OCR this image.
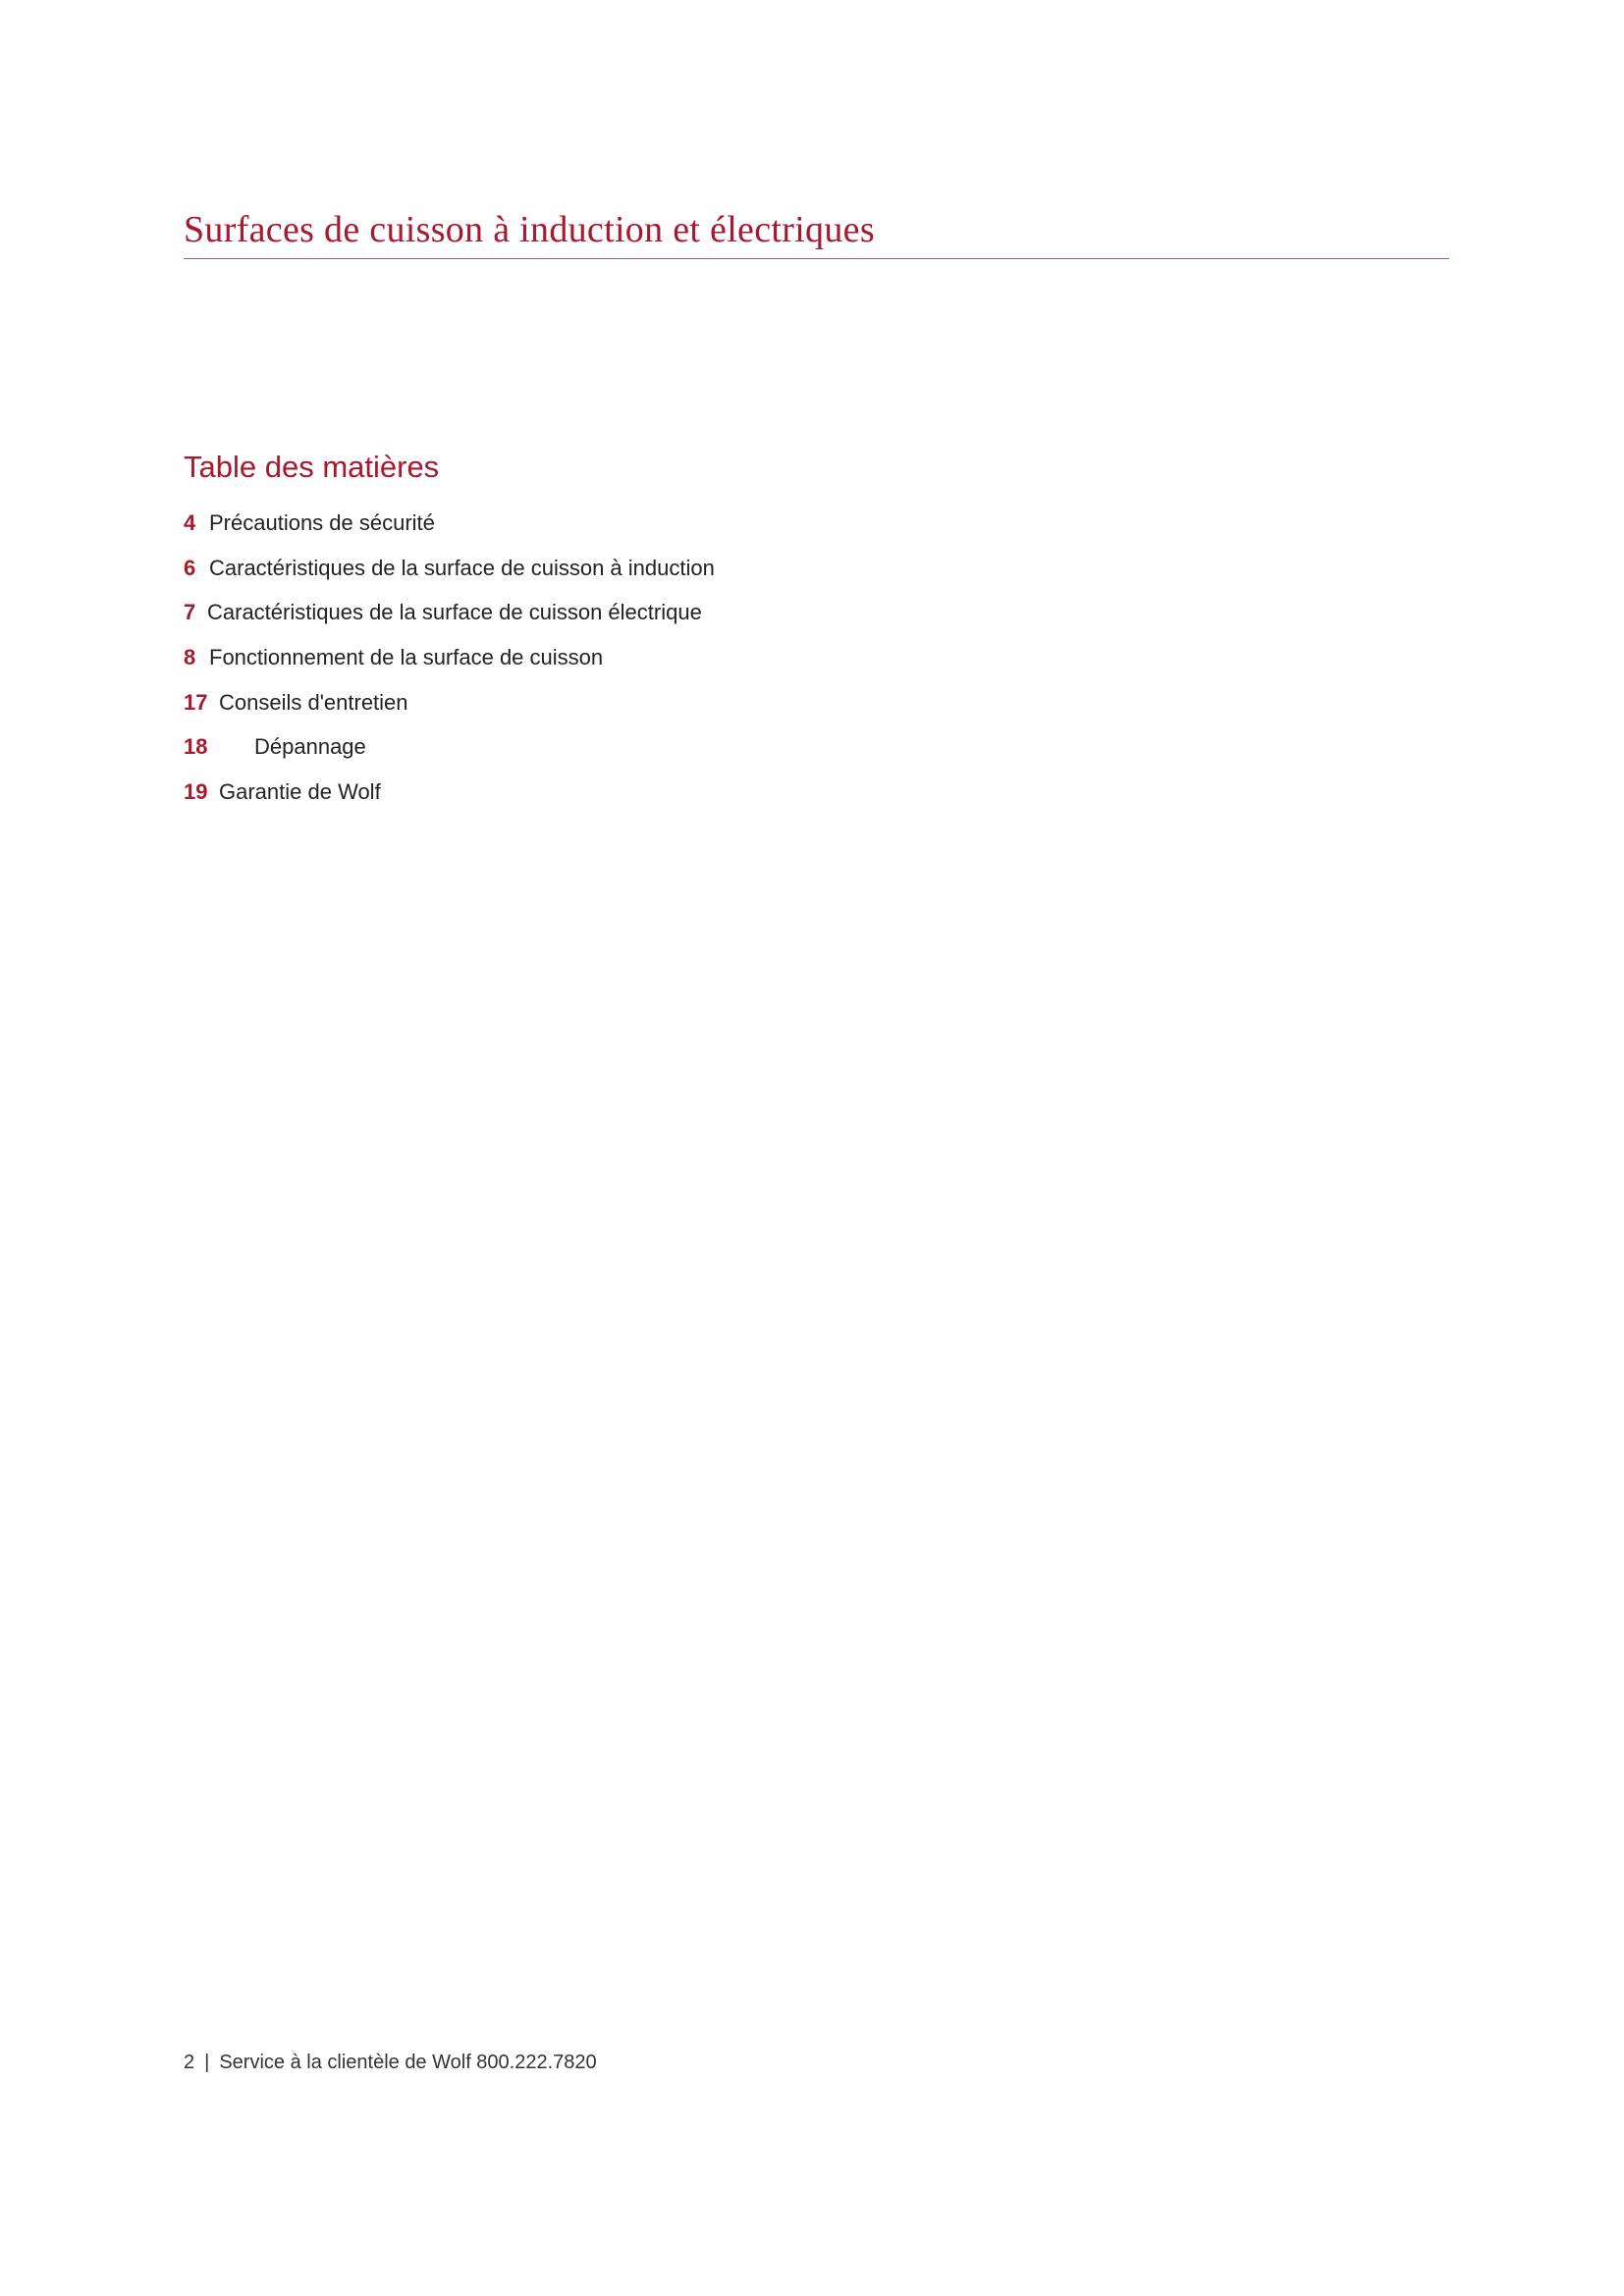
Surfaces de cuisson à induction et électriques
Table des matières
4 Précautions de sécurité
6 Caractéristiques de la surface de cuisson à induction
7 Caractéristiques de la surface de cuisson électrique
8 Fonctionnement de la surface de cuisson
17 Conseils d'entretien
18	Dépannage
19 Garantie de Wolf
2 | Service à la clientèle de Wolf 800.222.7820
